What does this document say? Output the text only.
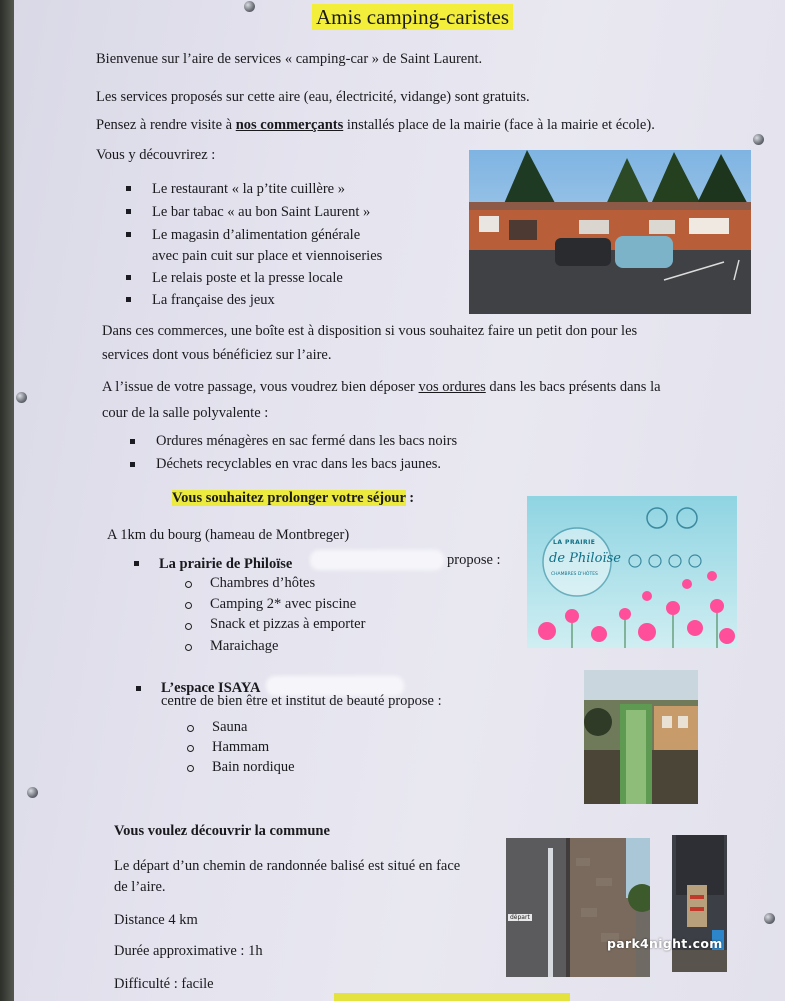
Amis camping-caristes
Bienvenue sur l’aire de services « camping-car » de Saint Laurent.
Les services proposés sur cette aire (eau, électricité, vidange) sont gratuits.
Pensez à rendre visite à nos commerçants installés place de la mairie (face à la mairie et école).
Vous y découvrirez :
Le restaurant « la p’tite cuillère »
Le bar tabac « au bon Saint Laurent »
Le magasin d’alimentation générale
avec pain cuit sur place et viennoiseries
Le relais poste et la presse locale
La française des jeux
Dans ces commerces, une boîte est à disposition si vous souhaitez faire un petit don pour les
services dont vous bénéficiez sur l’aire.
A l’issue de votre passage, vous voudrez bien déposer vos ordures dans les bacs présents dans la
cour de la salle polyvalente :
Ordures ménagères en sac fermé dans les bacs noirs
Déchets recyclables en vrac dans les bacs jaunes.
Vous souhaitez prolonger votre séjour :
A 1km du bourg (hameau de Montbreger)
La prairie de Philoïse	propose :
Chambres d’hôtes
Camping 2* avec piscine
Snack et pizzas à emporter
Maraichage
LA PRAIRIE
de Philoïse
CHAMBRES D'HÔTES
L’espace ISAYA
centre de bien être et institut de beauté propose :
Sauna
Hammam
Bain nordique
Vous voulez découvrir la commune
Le départ d’un chemin de randonnée balisé est situé en face
de l’aire.
Distance 4 km
Durée approximative : 1h
Difficulté : facile
départ
park4night.com
